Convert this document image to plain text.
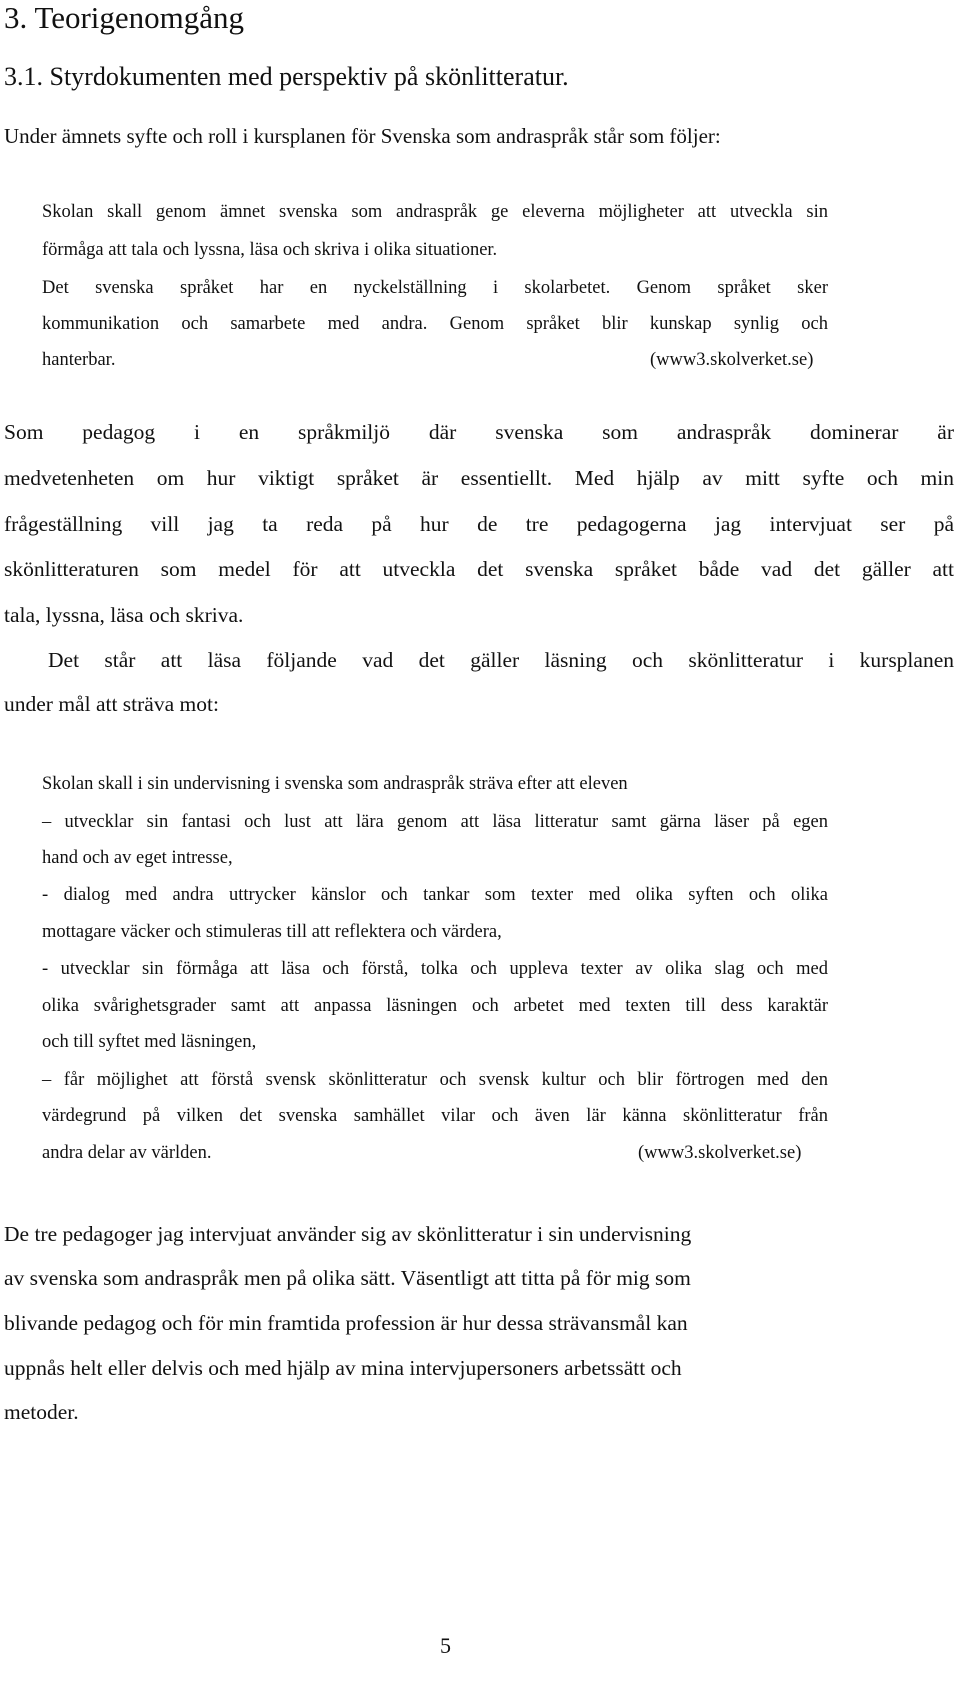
3. Teorigenomgång
3.1. Styrdokumenten med perspektiv på skönlitteratur.

Under ämnets syfte och roll i kursplanen för Svenska som andraspråk står som följer:

Skolan skall genom ämnet svenska som andraspråk ge eleverna möjligheter att utveckla sin

förmåga att tala och lyssna, läsa och skriva i olika situationer.

Det svenska språket har en nyckelställning i skolarbetet. Genom språket sker

kommunikation och samarbete med andra. Genom språket blir kunskap synlig och

hanterbar.	(www3.skolverket.se)

Som pedagog i en språkmiljö där svenska som andraspråk dominerar är

medvetenheten om hur viktigt språket är essentiellt. Med hjälp av mitt syfte och min

frågeställning vill jag ta reda på hur de tre pedagogerna jag intervjuat ser på

skönlitteraturen som medel för att utveckla det svenska språket både vad det gäller att

tala, lyssna, läsa och skriva.

Det står att läsa följande vad det gäller läsning och skönlitteratur i kursplanen

under mål att sträva mot:

Skolan skall i sin undervisning i svenska som andraspråk sträva efter att eleven

– utvecklar sin fantasi och lust att lära genom att läsa litteratur samt gärna läser på egen

hand och av eget intresse,

- dialog med andra uttrycker känslor och tankar som texter med olika syften och olika

mottagare väcker och stimuleras till att reflektera och värdera,

- utvecklar sin förmåga att läsa och förstå, tolka och uppleva texter av olika slag och med

olika svårighetsgrader samt att anpassa läsningen och arbetet med texten till dess karaktär

och till syftet med läsningen,

– får möjlighet att förstå svensk skönlitteratur och svensk kultur och blir förtrogen med den

värdegrund på vilken det svenska samhället vilar och även lär känna skönlitteratur från

andra delar av världen.	(www3.skolverket.se)

De tre pedagoger jag intervjuat använder sig av skönlitteratur i sin undervisning

av svenska som andraspråk men på olika sätt. Väsentligt att titta på för mig som

blivande pedagog och för min framtida profession är hur dessa strävansmål kan

uppnås helt eller delvis och med hjälp av mina intervjupersoners arbetssätt och

metoder.

5
